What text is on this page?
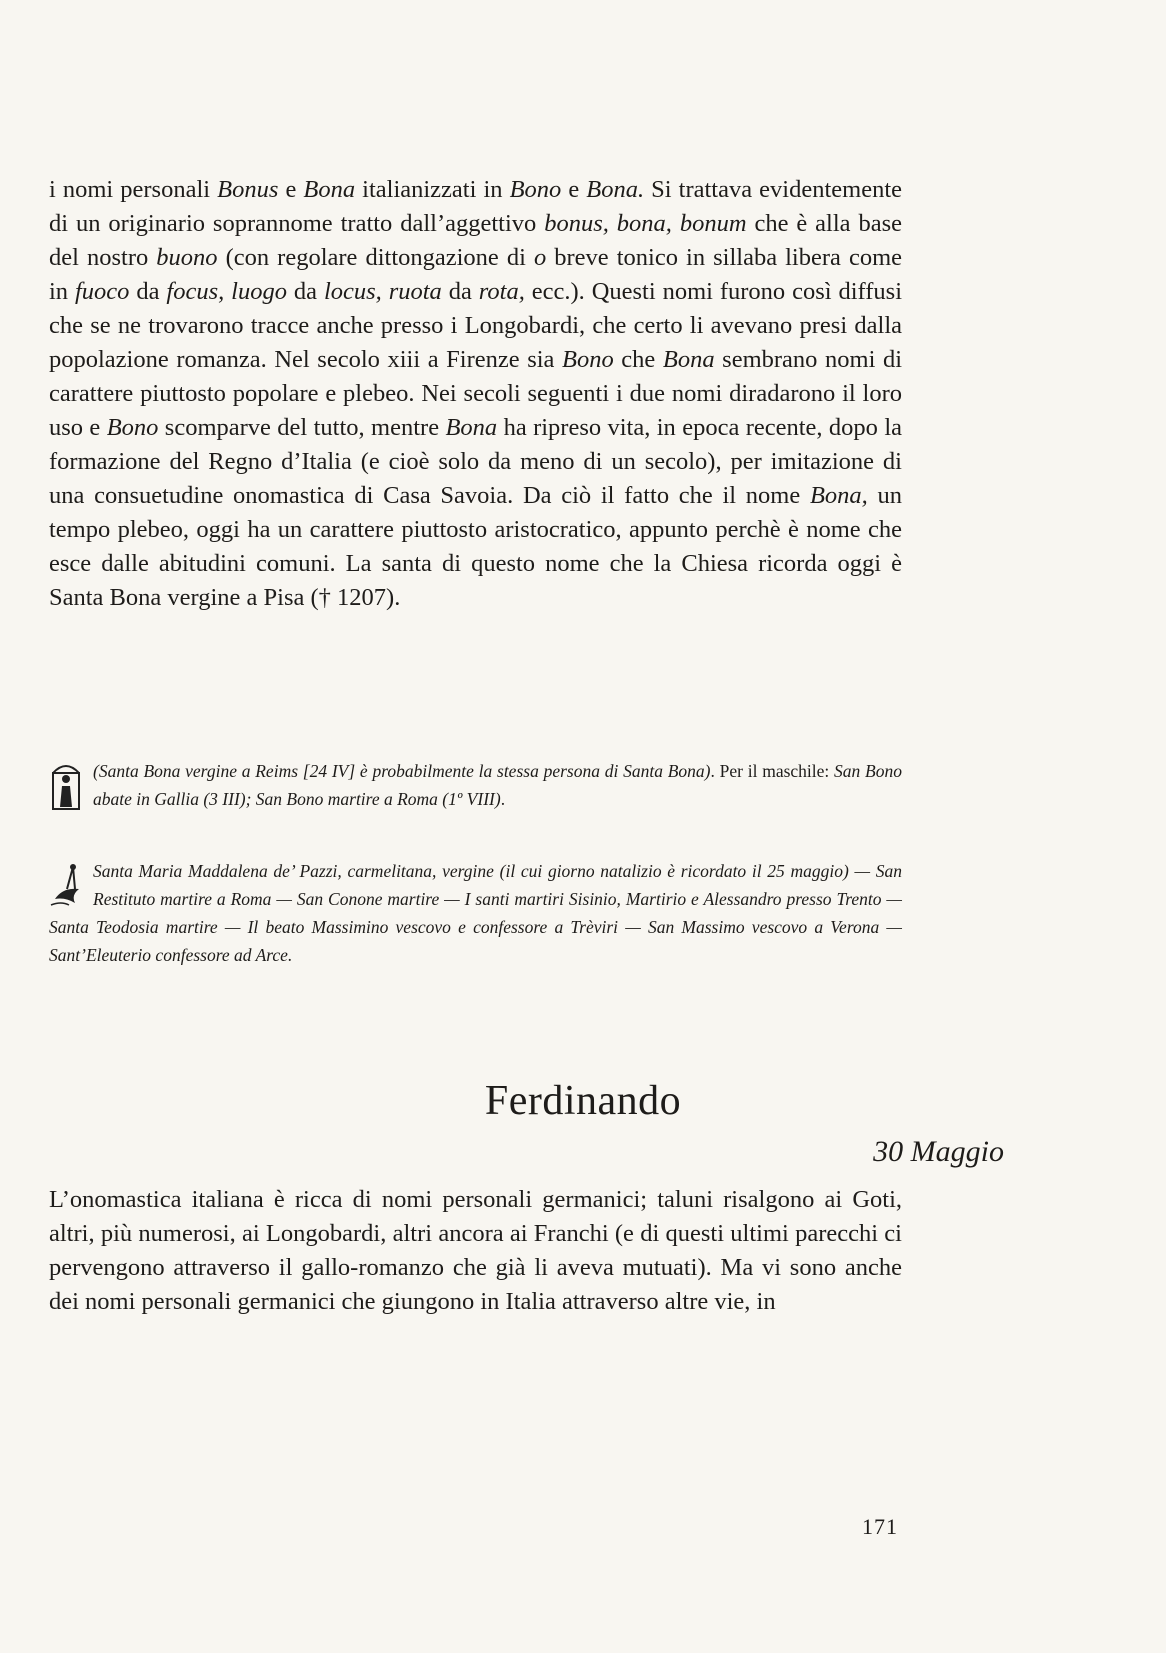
i nomi personali Bonus e Bona italianizzati in Bono e Bona. Si trattava evidentemente di un originario soprannome tratto dall’aggettivo bonus, bona, bonum che è alla base del nostro buono (con regolare dittongazione di o breve tonico in sillaba libera come in fuoco da focus, luogo da locus, ruota da rota, ecc.). Questi nomi furono così diffusi che se ne trovarono tracce anche presso i Longobardi, che certo li avevano presi dalla popolazione romanza. Nel secolo xiii a Firenze sia Bono che Bona sembrano nomi di carattere piuttosto popolare e plebeo. Nei secoli seguenti i due nomi diradarono il loro uso e Bono scomparve del tutto, mentre Bona ha ripreso vita, in epoca recente, dopo la formazione del Regno d’Italia (e cioè solo da meno di un secolo), per imitazione di una consuetudine onomastica di Casa Savoia. Da ciò il fatto che il nome Bona, un tempo plebeo, oggi ha un carattere piuttosto aristocratico, appunto perchè è nome che esce dalle abitudini comuni. La santa di questo nome che la Chiesa ricorda oggi è Santa Bona vergine a Pisa († 1207).

(Santa Bona vergine a Reims [24 IV] è probabilmente la stessa persona di Santa Bona). Per il maschile: San Bono abate in Gallia (3 III); San Bono martire a Roma (1º VIII).
Santa Maria Maddalena de’ Pazzi, carmelitana, vergine (il cui giorno natalizio è ricordato il 25 maggio) — San Restituto martire a Roma — San Conone martire — I santi martiri Sisinio, Martirio e Alessandro presso Trento — Santa Teodosia martire — Il beato Massimino vescovo e confessore a Trèviri — San Massimo vescovo a Verona — Sant’Eleuterio confessore ad Arce.
Ferdinando
30 Maggio

L’onomastica italiana è ricca di nomi personali germanici; taluni risalgono ai Goti, altri, più numerosi, ai Longobardi, altri ancora ai Franchi (e di questi ultimi parecchi ci pervengono attraverso il gallo-romanzo che già li aveva mutuati). Ma vi sono anche dei nomi personali germanici che giungono in Italia attraverso altre vie, in

171
